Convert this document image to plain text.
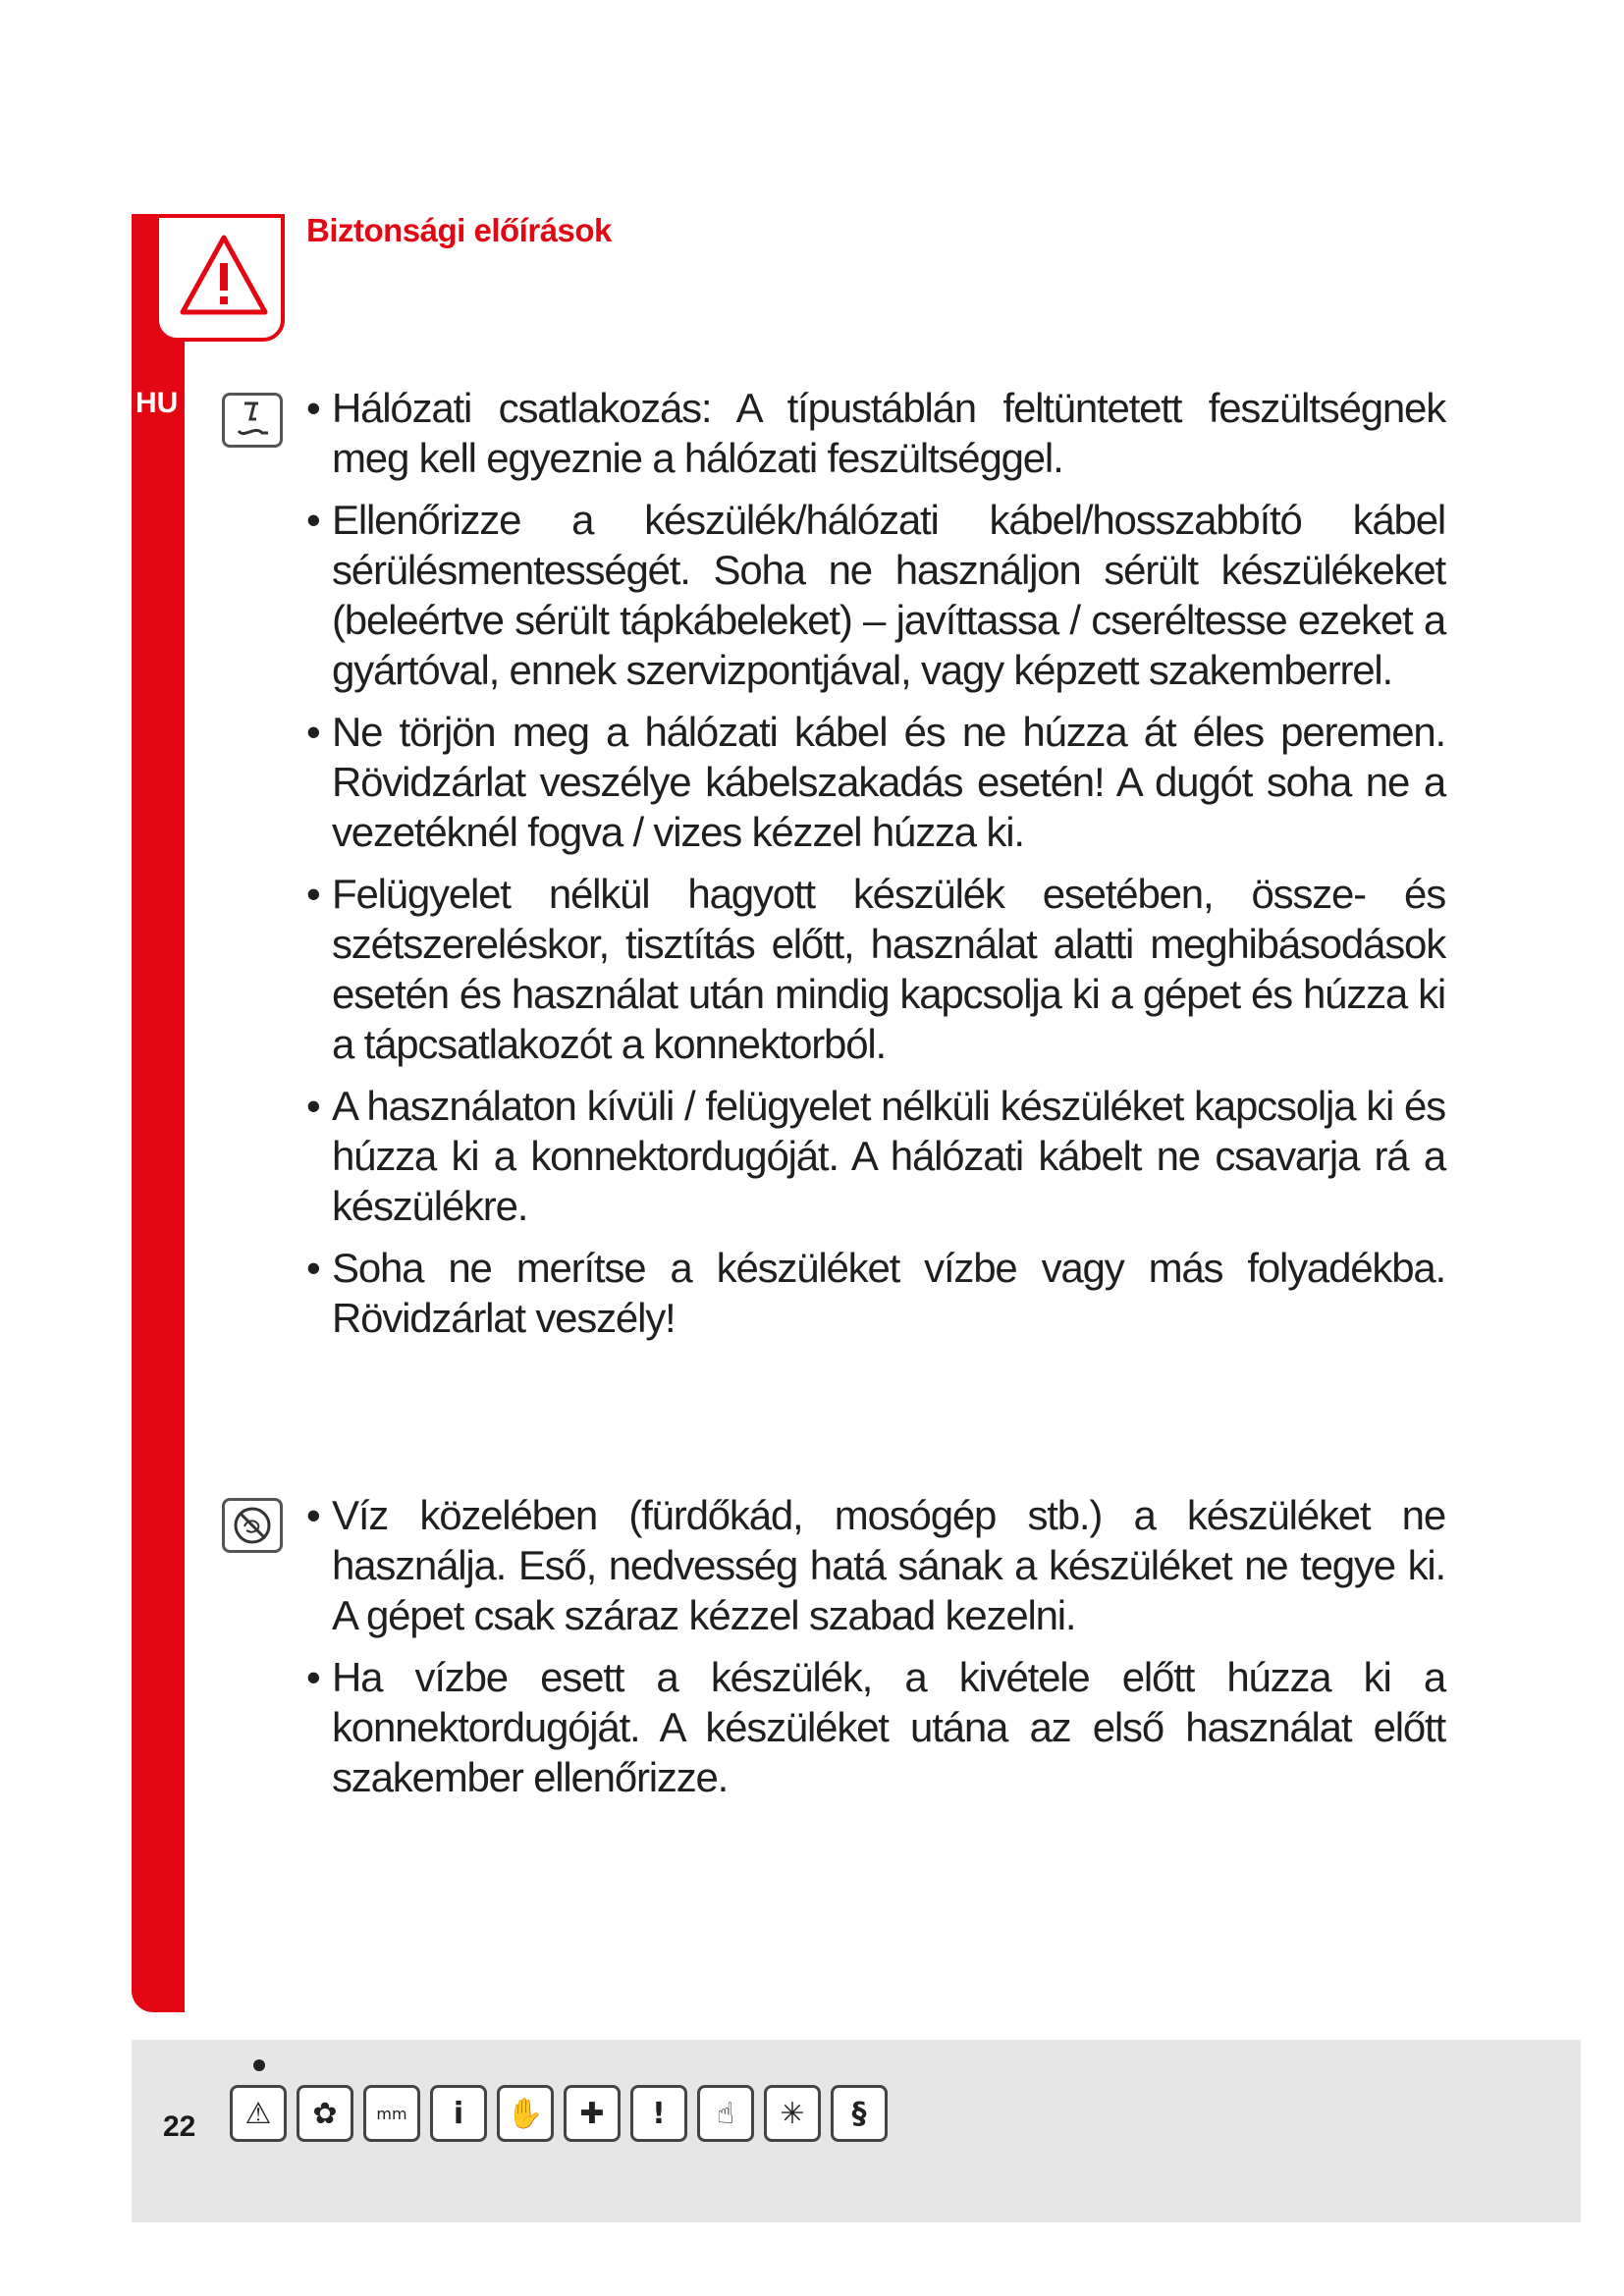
Biztonsági előírások
HU
•	Hálózati csatlakozás: A típustáblán feltüntetett feszültségnek meg kell egyeznie a hálózati feszültséggel.
• Ellenőrizze a készülék/hálózati kábel/hosszabbító kábel sérülésmentességét. Soha ne használjon sérült készülékeket (beleértve sérült tápkábeleket) – javíttassa / cseréltesse ezeket a gyártóval, ennek szervizpontjával, vagy képzett szakemberrel.
• Ne törjön meg a hálózati kábel és ne húzza át éles peremen. Rövidzárlat veszélye kábelszakadás esetén! A dugót soha ne a vezetéknél fogva / vizes kézzel húzza ki.
• Felügyelet nélkül hagyott készülék esetében, össze- és szétszereléskor, tisztítás előtt, használat alatti meghibásodások esetén és használat után mindig kapcsolja ki a gépet és húzza ki a tápcsatlakozót a konnektorból.
• A használaton kívüli / felügyelet nélküli készüléket kapcsolja ki és húzza ki a konnektordugóját. A hálózati kábelt ne csavarja rá a készülékre.
• Soha ne merítse a készüléket vízbe vagy más folyadékba. Rövidzárlat veszély!
• Víz közelében (fürdőkád, mosógép stb.) a készüléket ne használja. Eső, nedvesség hatá sának a készüléket ne tegye ki. A gépet csak száraz kézzel szabad kezelni.
• Ha vízbe esett a készülék, a kivétele előtt húzza ki a konnektordugóját. A készüléket utána az első használat előtt szakember ellenőrizze.
22 ⚠ ✿ mm i ✋ ✚ ! ☝ ✳ §
